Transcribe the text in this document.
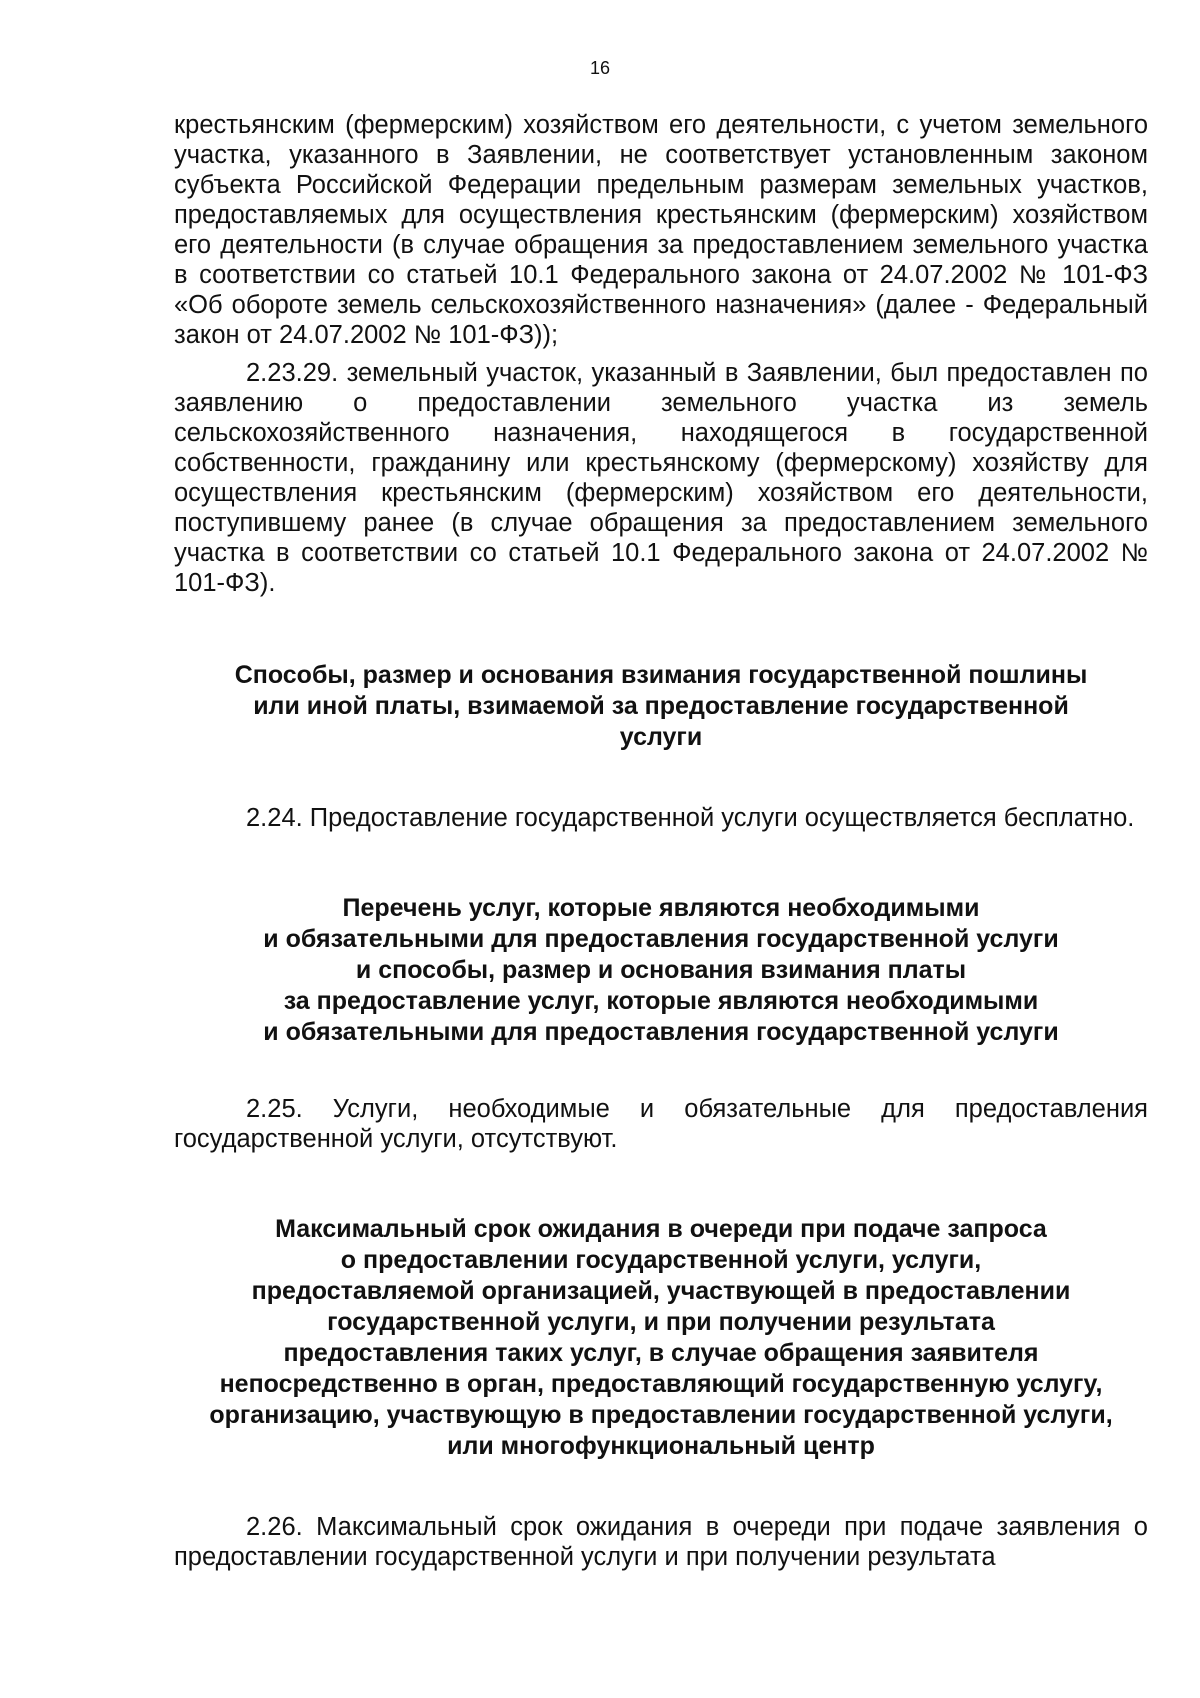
16

крестьянским (фермерским) хозяйством его деятельности, с учетом земельного участка, указанного в Заявлении, не соответствует установленным законом субъекта Российской Федерации предельным размерам земельных участков, предоставляемых для осуществления крестьянским (фермерским) хозяйством его деятельности (в случае обращения за предоставлением земельного участка в соответствии со статьей 10.1 Федерального закона от 24.07.2002 № 101-ФЗ «Об обороте земель сельскохозяйственного назначения» (далее - Федеральный закон от 24.07.2002 № 101-ФЗ));

2.23.29. земельный участок, указанный в Заявлении, был предоставлен по заявлению о предоставлении земельного участка из земель сельскохозяйственного назначения, находящегося в государственной собственности, гражданину или крестьянскому (фермерскому) хозяйству для осуществления крестьянским (фермерским) хозяйством его деятельности, поступившему ранее (в случае обращения за предоставлением земельного участка в соответствии со статьей 10.1 Федерального закона от 24.07.2002 № 101-ФЗ).

Способы, размер и основания взимания государственной пошлины
или иной платы, взимаемой за предоставление государственной
услуги

2.24. Предоставление государственной услуги осуществляется бесплатно.

Перечень услуг, которые являются необходимыми
и обязательными для предоставления государственной услуги
и способы, размер и основания взимания платы
за предоставление услуг, которые являются необходимыми
и обязательными для предоставления государственной услуги

2.25. Услуги, необходимые и обязательные для предоставления государственной услуги, отсутствуют.

Максимальный срок ожидания в очереди при подаче запроса
о предоставлении государственной услуги, услуги,
предоставляемой организацией, участвующей в предоставлении
государственной услуги, и при получении результата
предоставления таких услуг, в случае обращения заявителя
непосредственно в орган, предоставляющий государственную услугу,
организацию, участвующую в предоставлении государственной услуги,
или многофункциональный центр

2.26. Максимальный срок ожидания в очереди при подаче заявления о предоставлении государственной услуги и при получении результата
